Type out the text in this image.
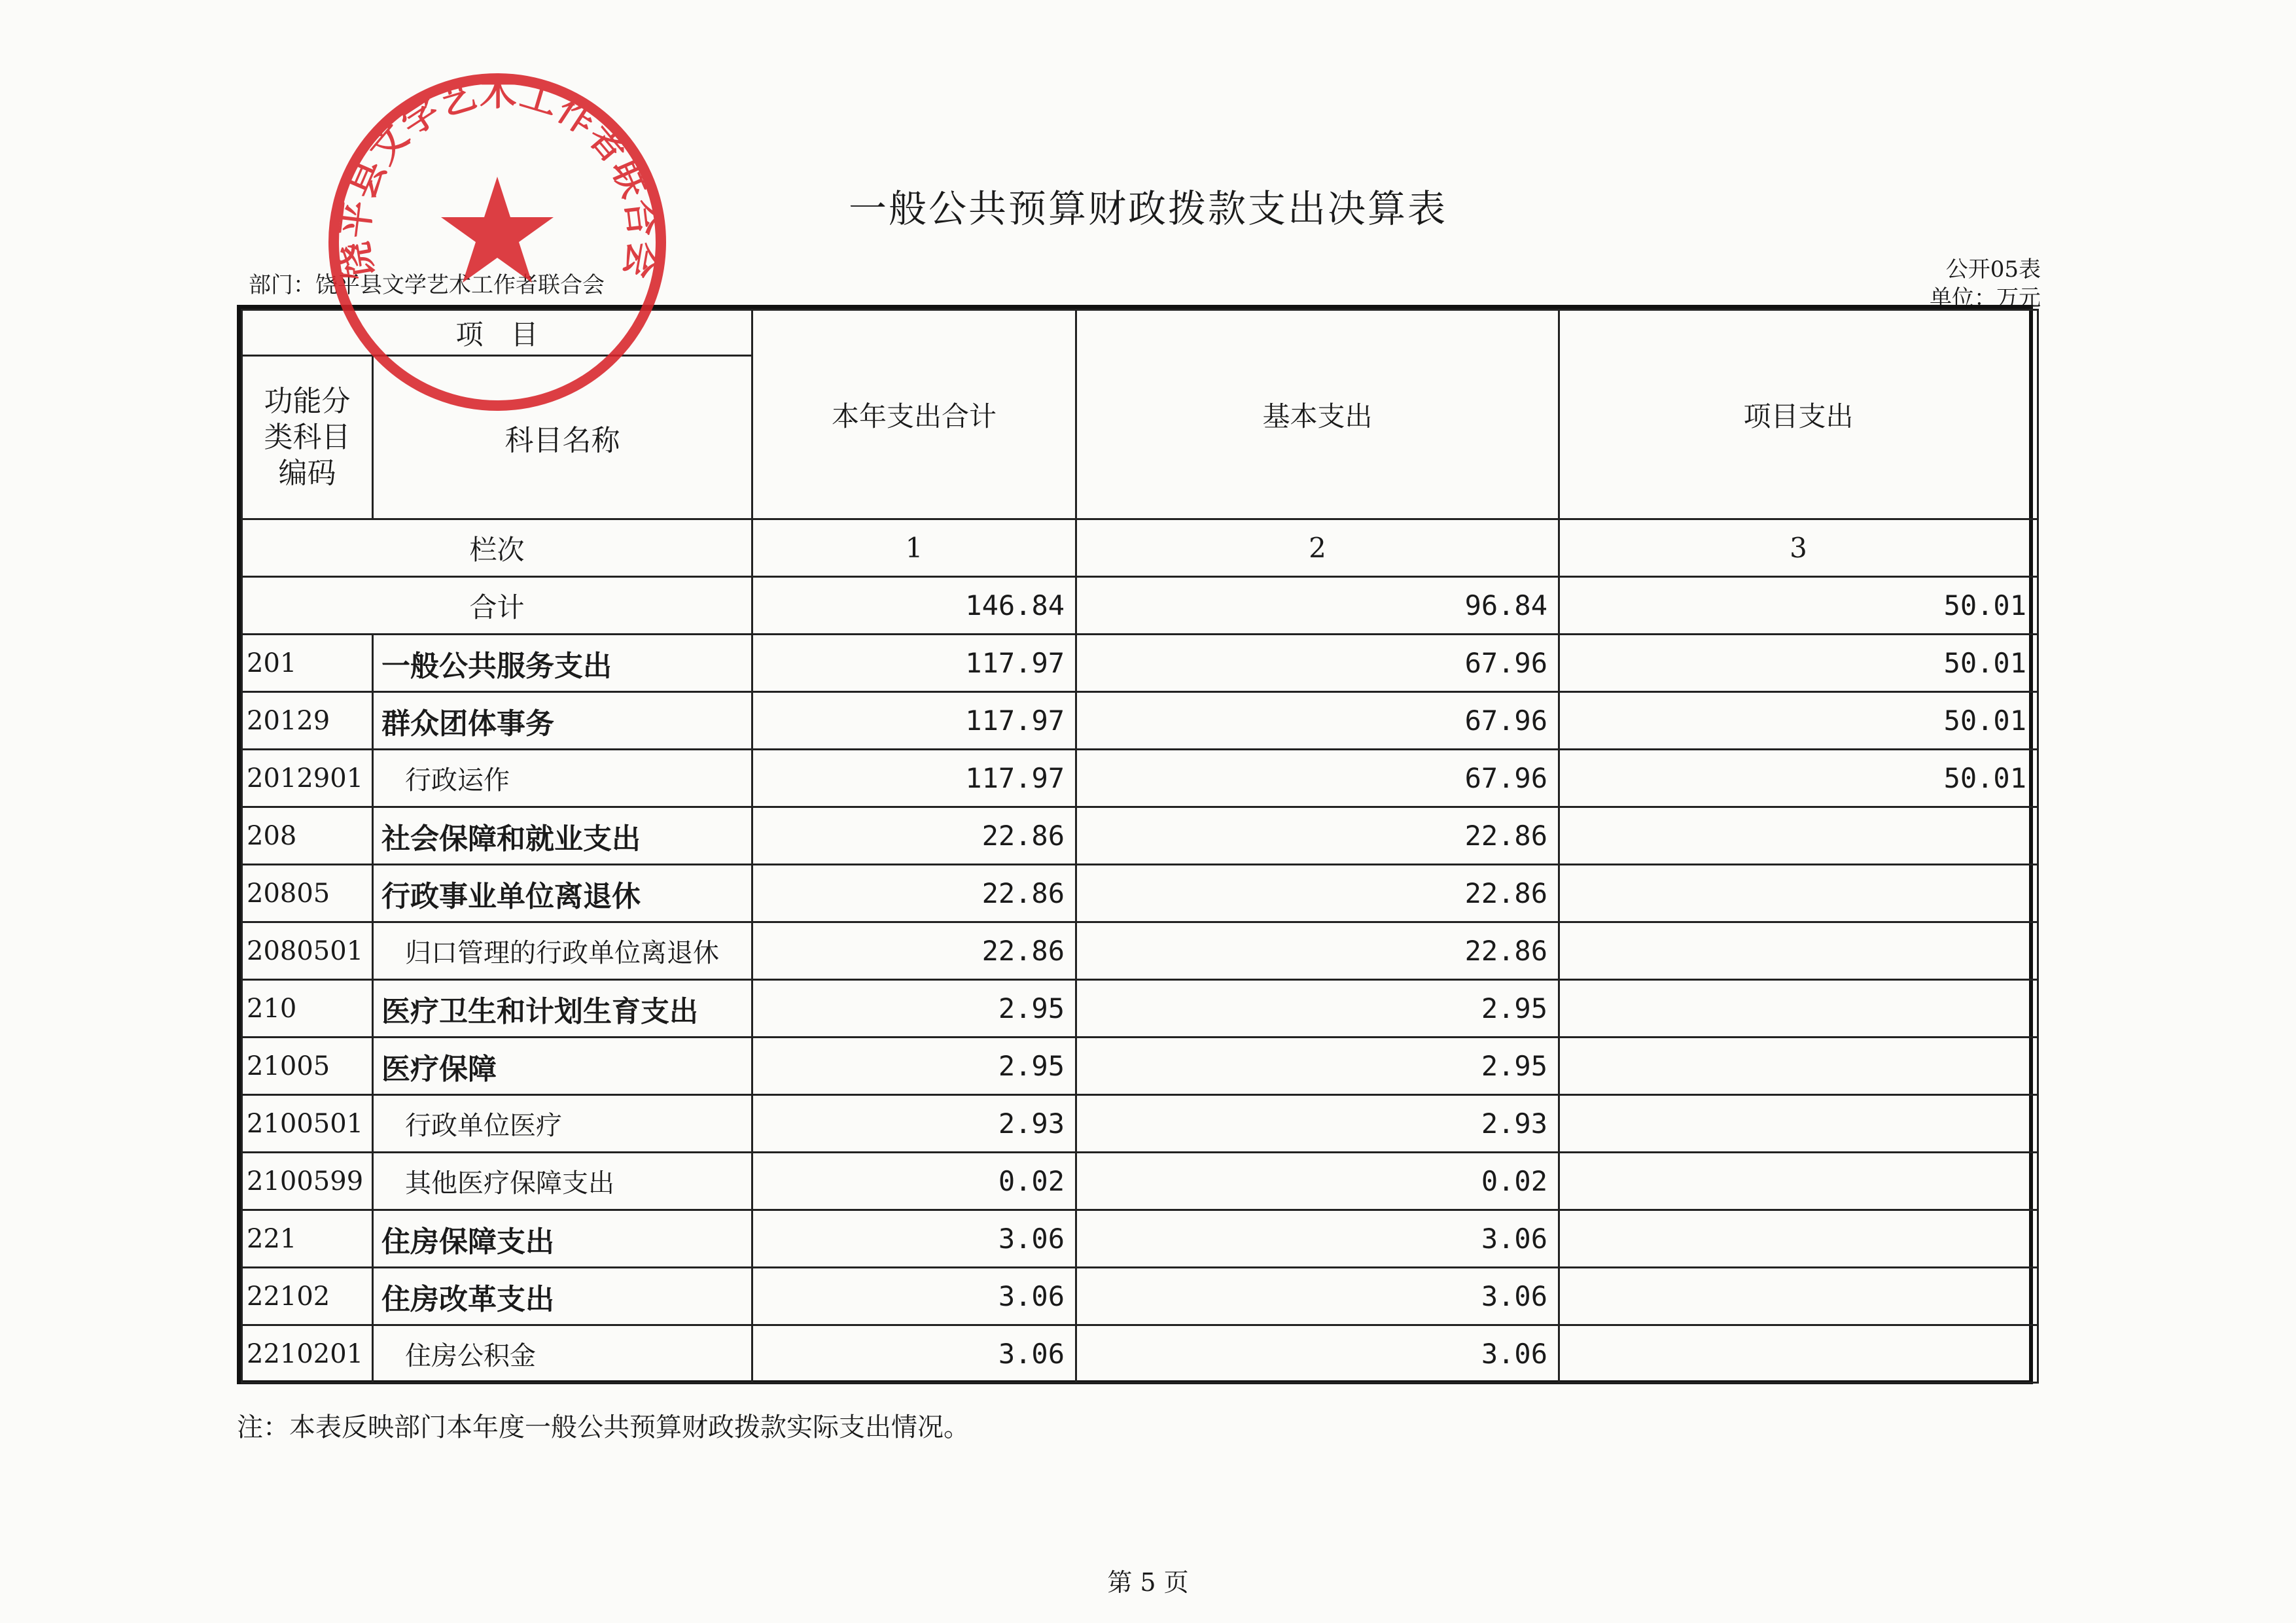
一般公共预算财政拨款支出决算表
部门：饶平县文学艺术工作者联合会
公开05表
单位：万元
项　目		本年支出合计	基本支出	项目支出
功能分类科目编码	科目名称			
栏次		1	2	3
合计		146.84	96.84	50.01
201	一般公共服务支出	117.97	67.96	50.01
20129	群众团体事务	117.97	67.96	50.01
2012901	行政运作	117.97	67.96	50.01
208	社会保障和就业支出	22.86	22.86	
20805	行政事业单位离退休	22.86	22.86	
2080501	归口管理的行政单位离退休	22.86	22.86	
210	医疗卫生和计划生育支出	2.95	2.95	
21005	医疗保障	2.95	2.95	
2100501	行政单位医疗	2.93	2.93	
2100599	其他医疗保障支出	0.02	0.02	
221	住房保障支出	3.06	3.06	
22102	住房改革支出	3.06	3.06	
2210201	住房公积金	3.06	3.06	
注：本表反映部门本年度一般公共预算财政拨款实际支出情况。
第 5 页
饶平县文学艺术工作者联合会
